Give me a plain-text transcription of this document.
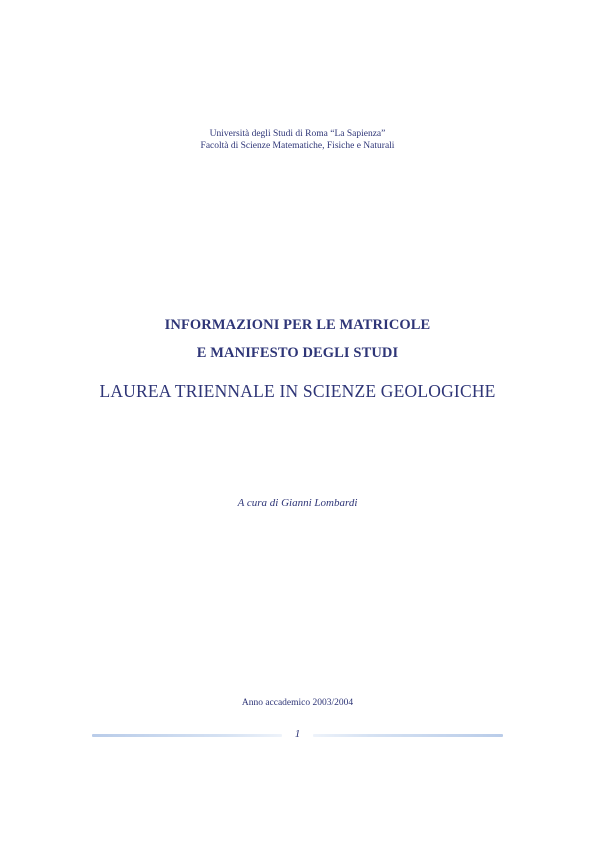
Università degli Studi di Roma “La Sapienza”
Facoltà di Scienze Matematiche, Fisiche e Naturali
INFORMAZIONI PER LE MATRICOLE
E MANIFESTO DEGLI STUDI
LAUREA TRIENNALE IN SCIENZE GEOLOGICHE
A cura di Gianni Lombardi
Anno accademico 2003/2004
1
